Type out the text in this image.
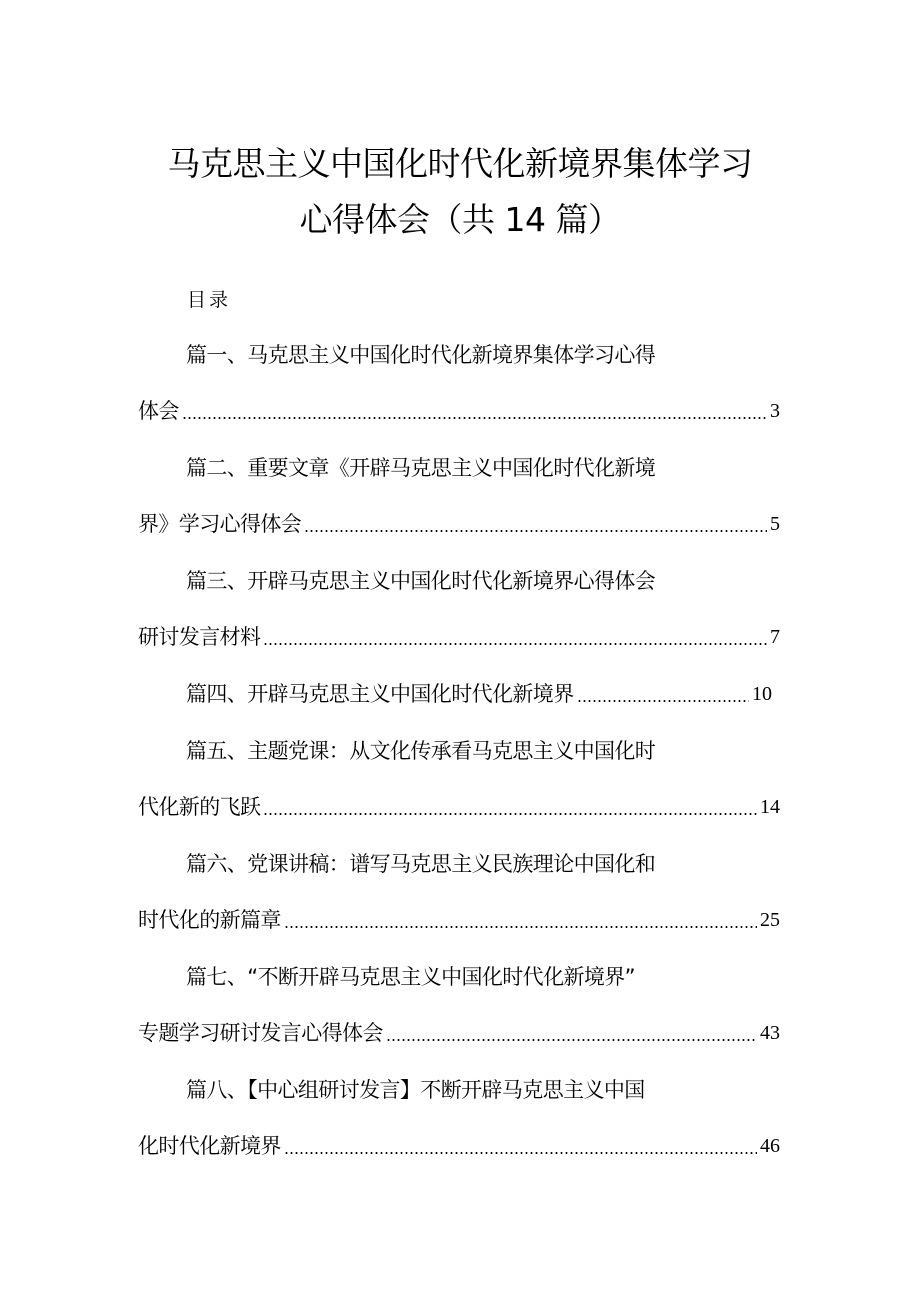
马克思主义中国化时代化新境界集体学习
心得体会（共 14 篇）
目录
篇一、马克思主义中国化时代化新境界集体学习心得
体会	3
篇二、重要文章《开辟马克思主义中国化时代化新境
界》学习心得体会	5
篇三、开辟马克思主义中国化时代化新境界心得体会
研讨发言材料	7
篇四、开辟马克思主义中国化时代化新境界	10
篇五、主题党课：从文化传承看马克思主义中国化时
代化新的飞跃	14
篇六、党课讲稿：谱写马克思主义民族理论中国化和
时代化的新篇章	25
篇七、“不断开辟马克思主义中国化时代化新境界”
专题学习研讨发言心得体会	43
篇八、【中心组研讨发言】不断开辟马克思主义中国
化时代化新境界	46
